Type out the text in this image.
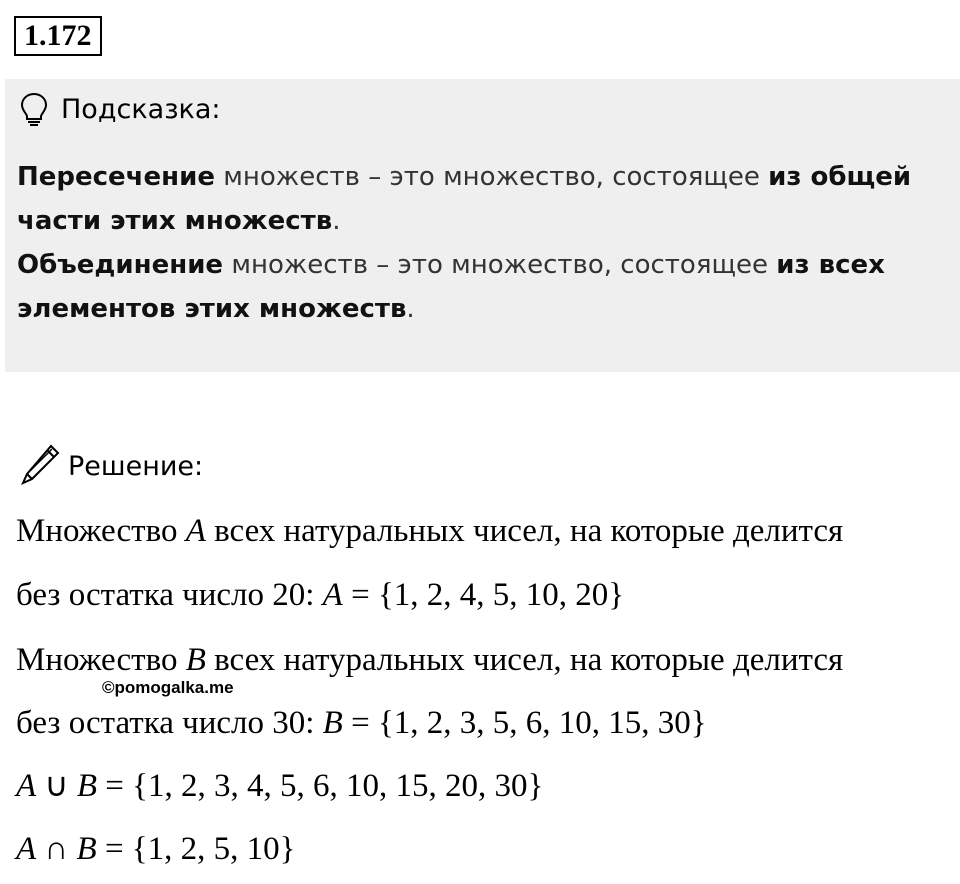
1.172
Подсказка:
Пересечение множеств – это множество, состоящее из общей части этих множеств.
Объединение множеств – это множество, состоящее из всех элементов этих множеств.
Решение:
Множество A всех натуральных чисел, на которые делится
без остатка число 20: A = {1, 2, 4, 5, 10, 20}
Множество B всех натуральных чисел, на которые делится
©pomogalka.me
без остатка число 30: B = {1, 2, 3, 5, 6, 10, 15, 30}
A ∪ B = {1, 2, 3, 4, 5, 6, 10, 15, 20, 30}
A ∩ B = {1, 2, 5, 10}
